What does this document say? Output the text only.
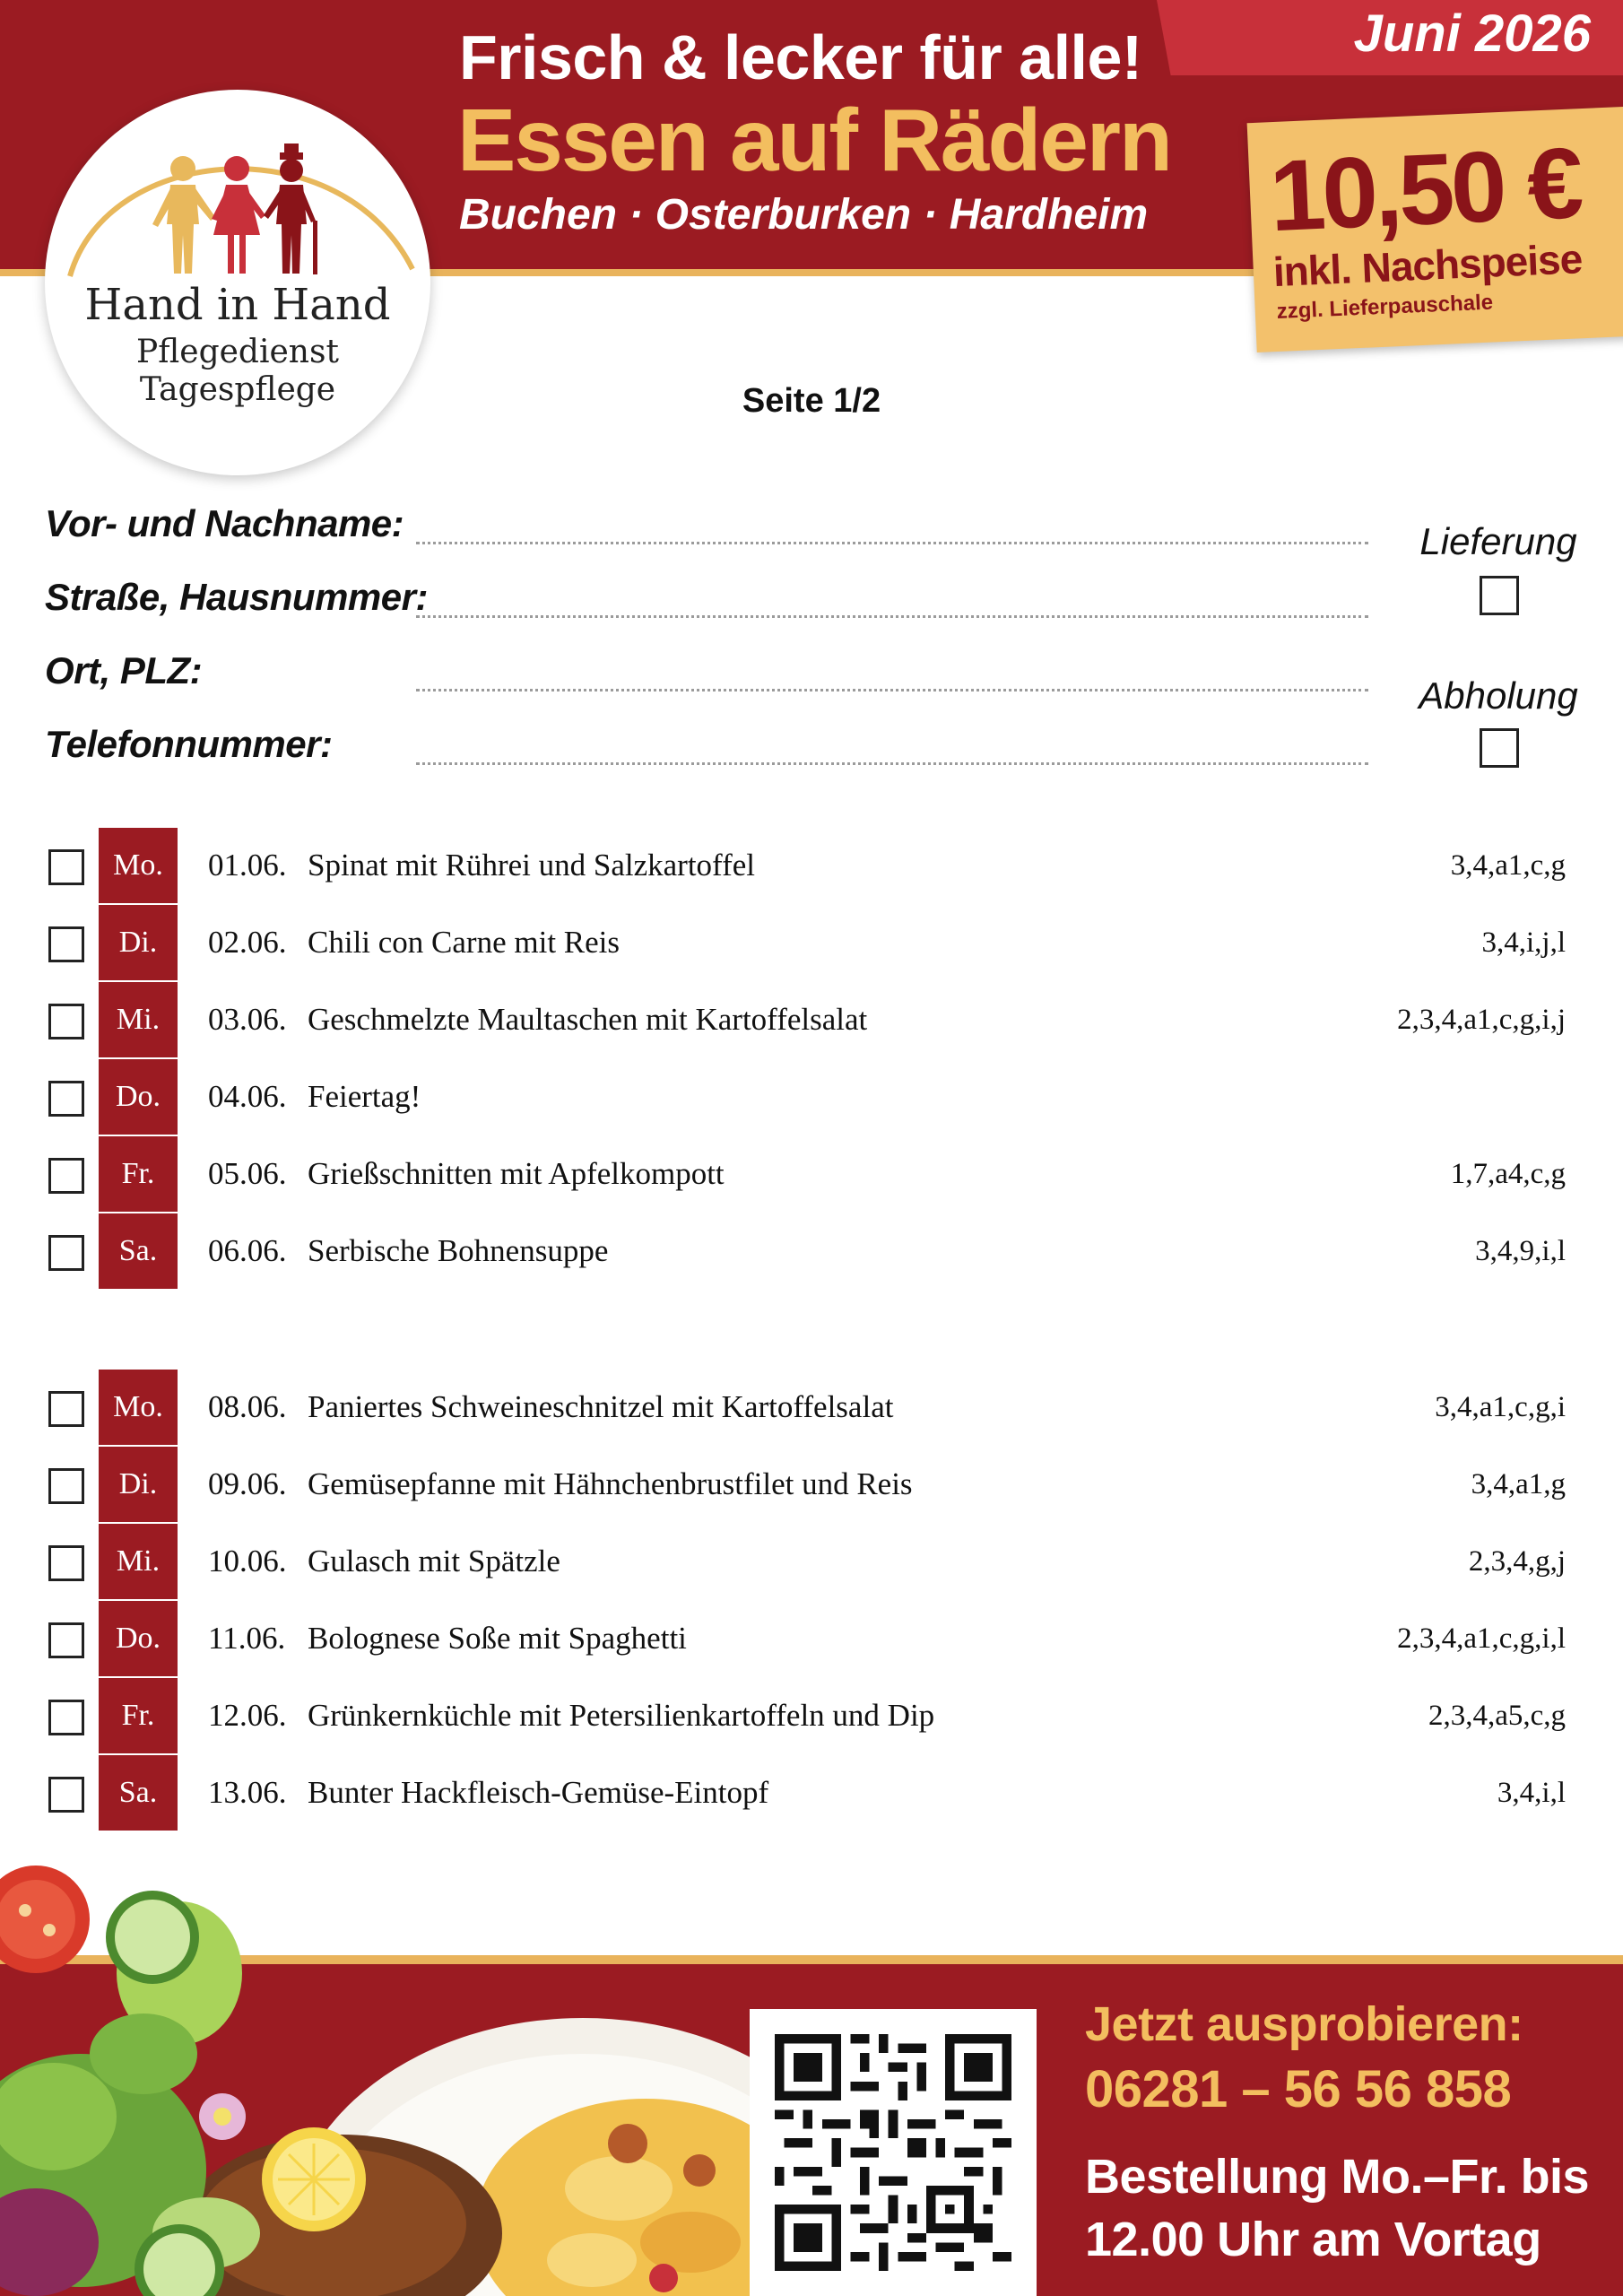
Juni 2026
Frisch & lecker für alle!
Essen auf Rädern
Buchen · Osterburken · Hardheim 10,50 €
inkl. Nachspeise
zzgl. Lieferpauschale
Hand in Hand
Pflegedienst
Tagespflege	Seite 1/2
Vor- und Nachname:
Straße, Hausnummer:
Ort, PLZ:
Telefonnummer:
Lieferung
Abholung
Mo.	01.06. Spinat mit Rührei und Salzkartoffel	3,4,a1,c,g
Di.	02.06. Chili con Carne mit Reis	3,4,i,j,l
Mi.	03.06. Geschmelzte Maultaschen mit Kartoffelsalat	2,3,4,a1,c,g,i,j
Do.	04.06. Feiertag!
Fr.	05.06. Grießschnitten mit Apfelkompott	1,7,a4,c,g
Sa.	06.06. Serbische Bohnensuppe	3,4,9,i,l
Mo.	08.06. Paniertes Schweineschnitzel mit Kartoffelsalat	3,4,a1,c,g,i
Di.	09.06. Gemüsepfanne mit Hähnchenbrustfilet und Reis	3,4,a1,g
Mi.	10.06. Gulasch mit Spätzle	2,3,4,g,j
Do.	11.06. Bolognese Soße mit Spaghetti	2,3,4,a1,c,g,i,l
Fr.	12.06. Grünkernküchle mit Petersilienkartoffeln und Dip	2,3,4,a5,c,g
Sa.	13.06. Bunter Hackfleisch-Gemüse-Eintopf	3,4,i,l
Jetzt ausprobieren:
06281 – 56 56 858
Bestellung Mo.–Fr. bis
12.00 Uhr am Vortag
